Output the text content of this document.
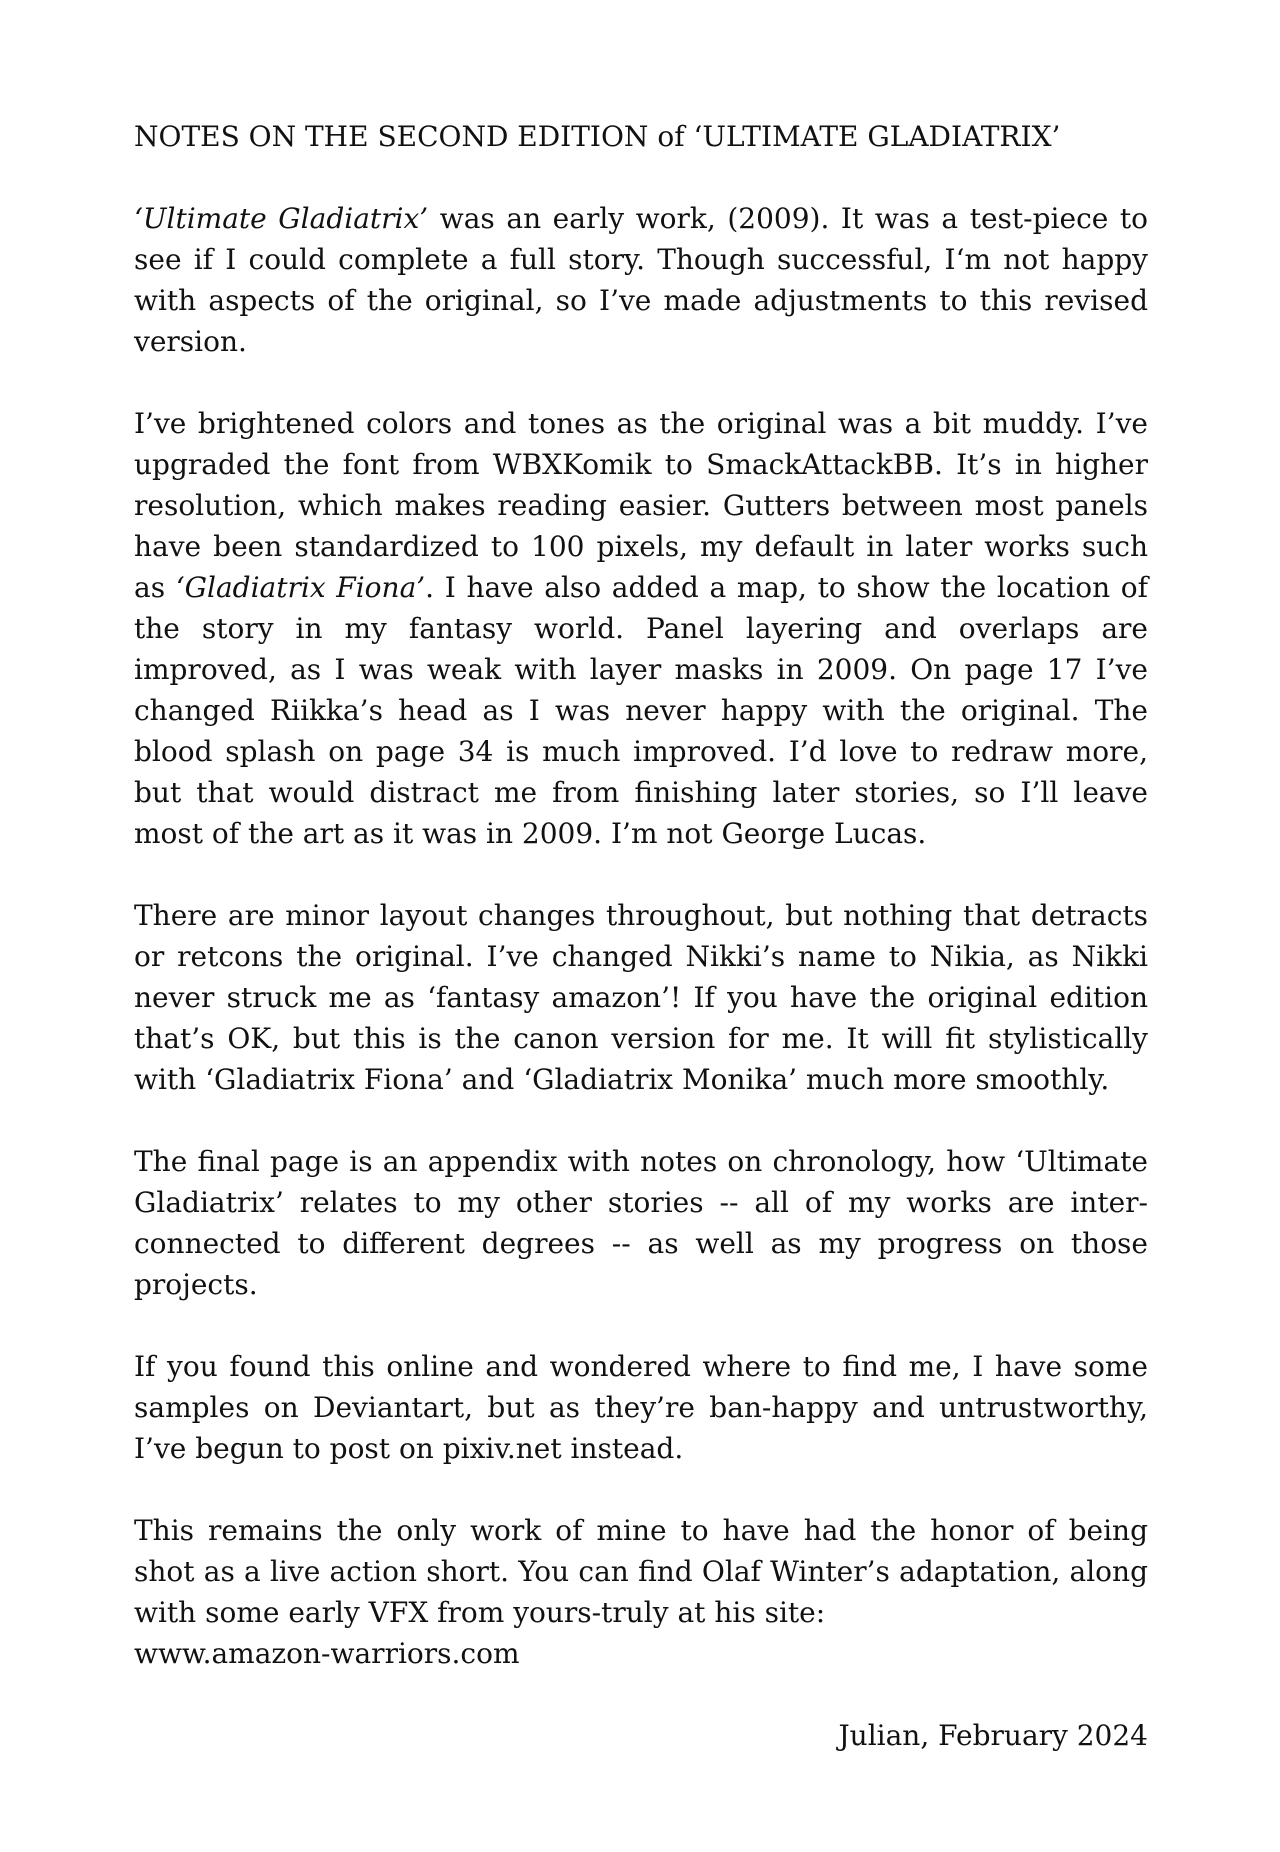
NOTES ON THE SECOND EDITION of ‘ULTIMATE GLADIATRIX’

‘Ultimate Gladiatrix’ was an early work, (2009). It was a test-piece to see if I could complete a full story. Though successful, I‘m not happy with aspects of the original, so I’ve made adjustments to this revised version.

I’ve brightened colors and tones as the original was a bit muddy. I’ve upgraded the font from WBXKomik to SmackAttackBB. It’s in higher resolution, which makes reading easier. Gutters between most panels have been standardized to 100 pixels, my default in later works such as ‘Gladiatrix Fiona’. I have also added a map, to show the location of the story in my fantasy world. Panel layering and overlaps are improved, as I was weak with layer masks in 2009. On page 17 I’ve changed Riikka’s head as I was never happy with the original. The blood splash on page 34 is much improved. I’d love to redraw more, but that would distract me from finishing later stories, so I’ll leave most of the art as it was in 2009. I’m not George Lucas.

There are minor layout changes throughout, but nothing that detracts or retcons the original. I’ve changed Nikki’s name to Nikia, as Nikki never struck me as ‘fantasy amazon’! If you have the original edition that’s OK, but this is the canon version for me. It will fit stylistically with ‘Gladiatrix Fiona’ and ‘Gladiatrix Monika’ much more smoothly.

The final page is an appendix with notes on chronology, how ‘Ultimate Gladiatrix’ relates to my other stories -- all of my works are inter-connected to different degrees -- as well as my progress on those projects.

If you found this online and wondered where to find me, I have some samples on Deviantart, but as they’re ban-happy and untrustworthy, I’ve begun to post on pixiv.net instead.

This remains the only work of mine to have had the honor of being shot as a live action short. You can find Olaf Winter’s adaptation, along with some early VFX from yours-truly at his site:
www.amazon-warriors.com

Julian, February 2024
